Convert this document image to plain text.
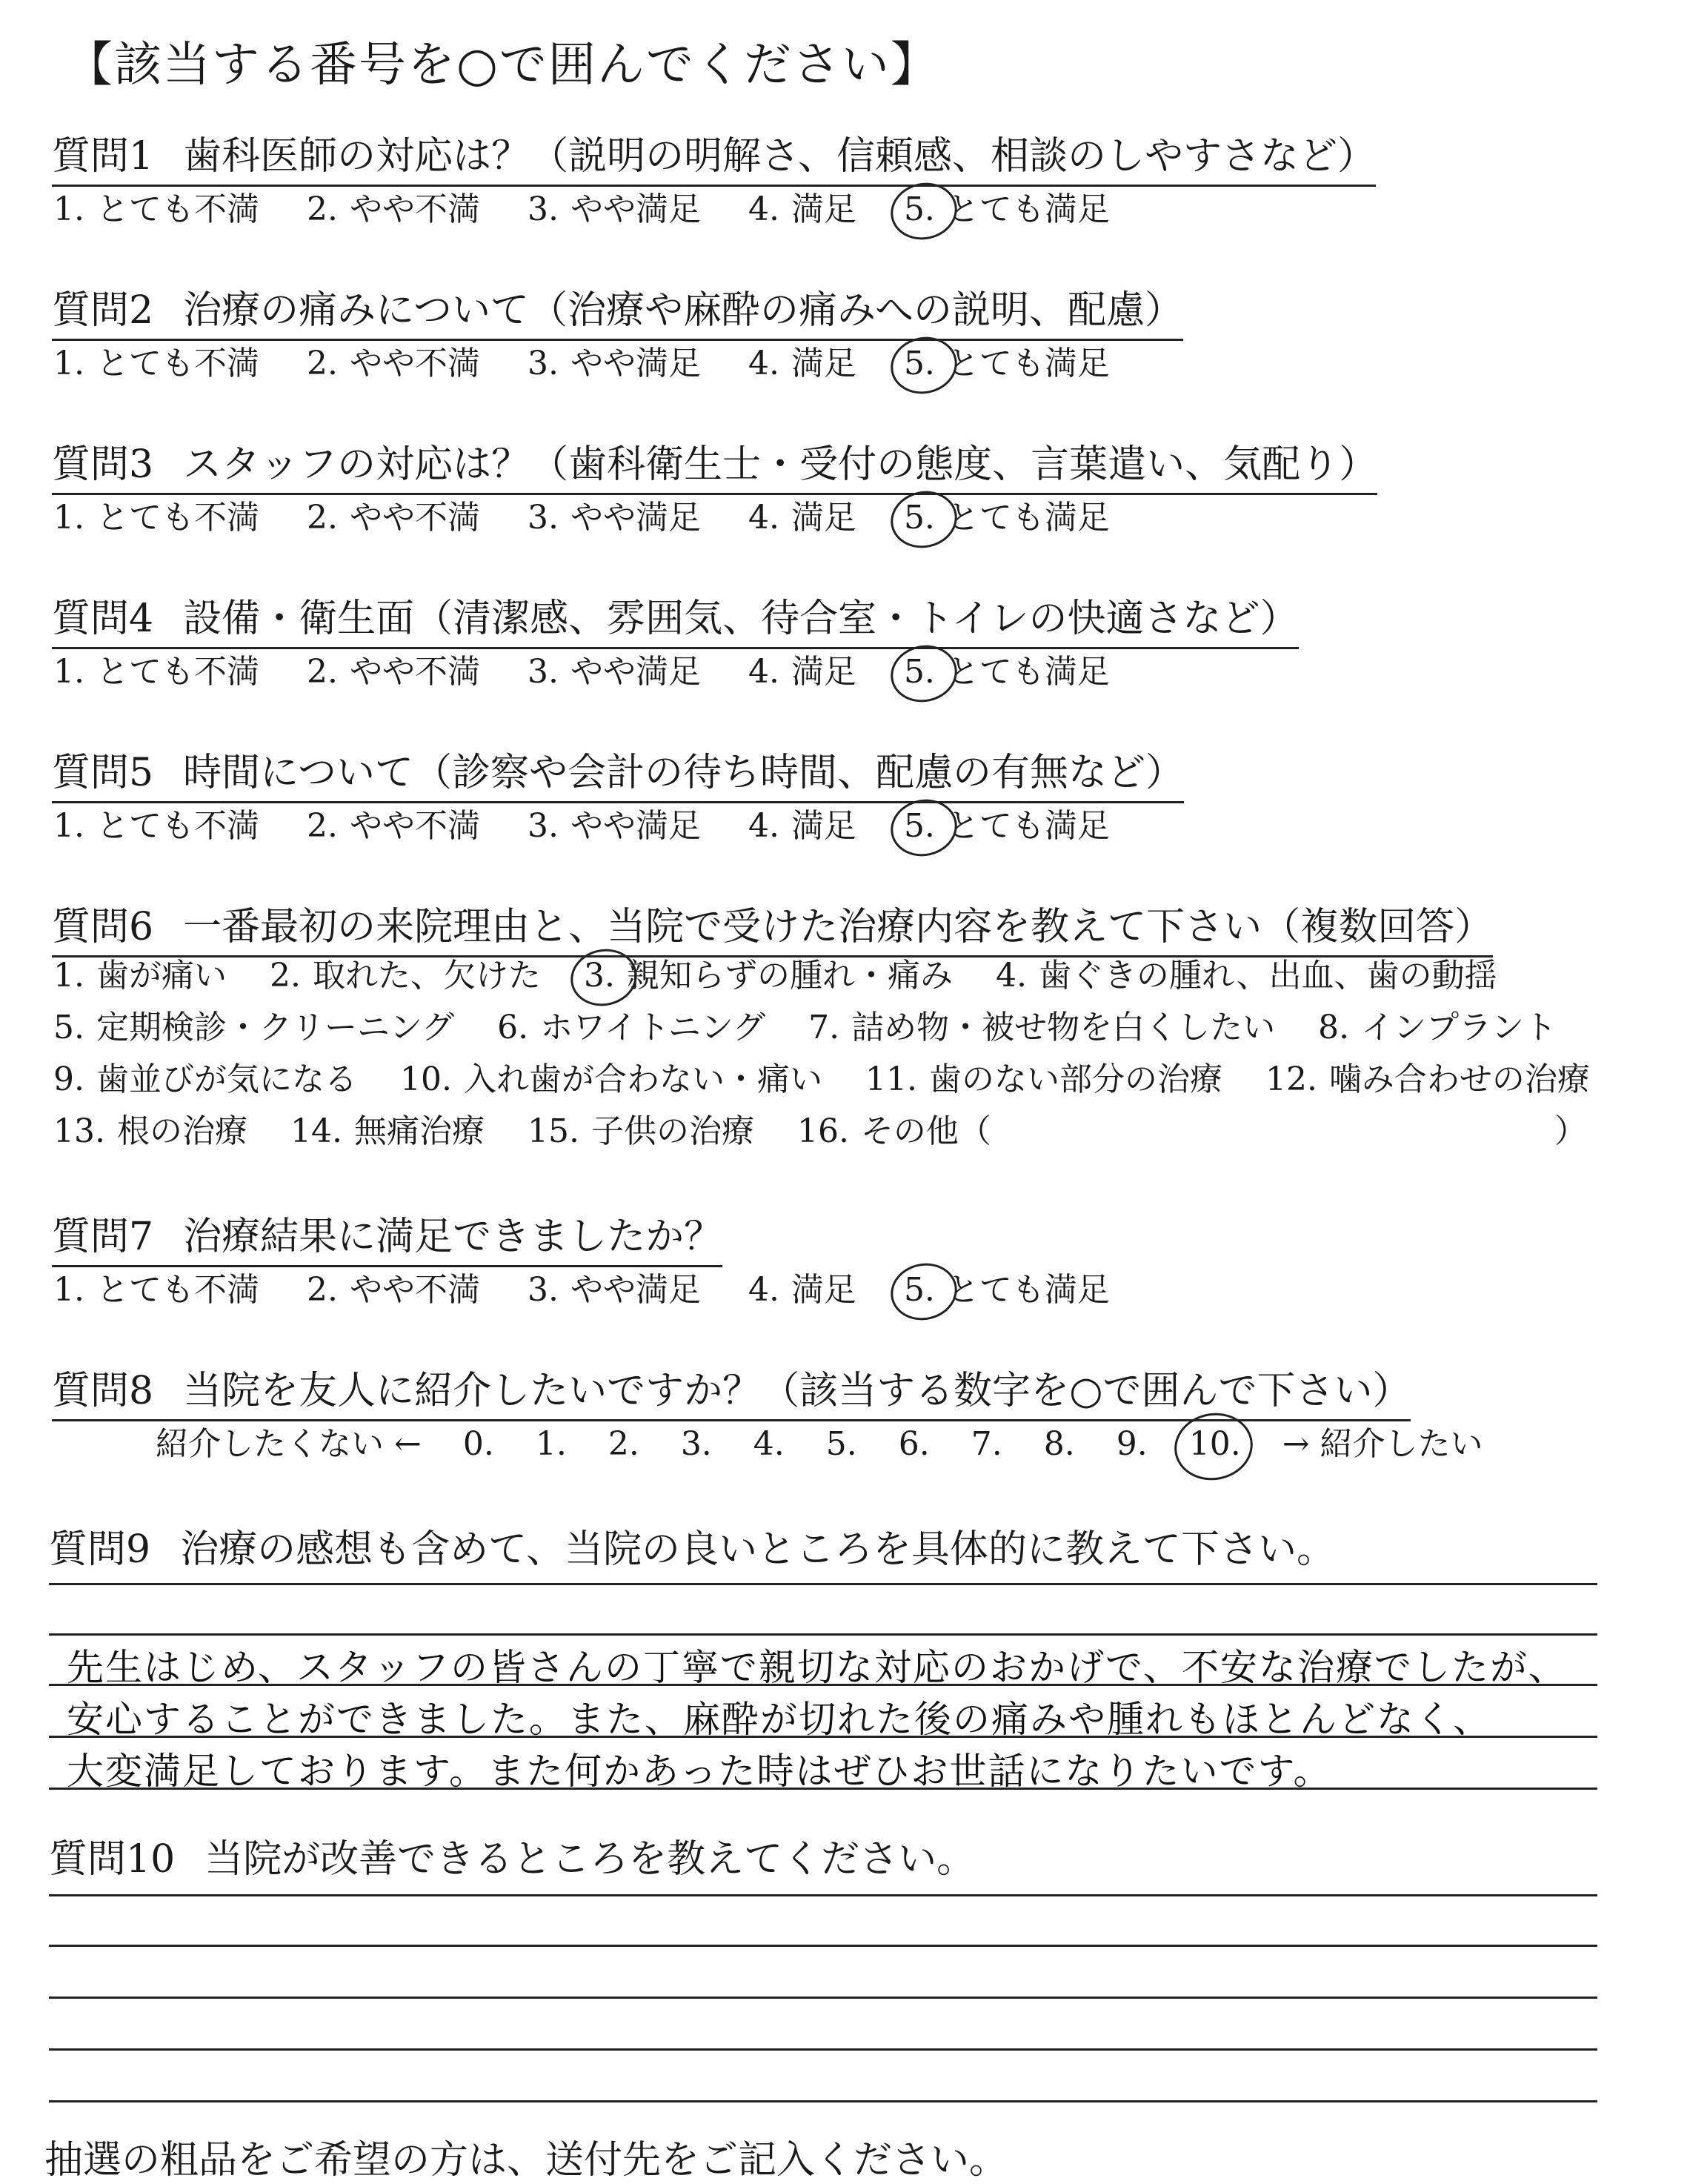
【該当する番号を○で囲んでください】
質問1 歯科医師の対応は？（説明の明解さ、信頼感、相談のしやすさなど）
1. とても不満 2. やや不満 3. やや満足 4. 満足 5. とても満足
質問2 治療の痛みについて（治療や麻酔の痛みへの説明、配慮）
1. とても不満 2. やや不満 3. やや満足 4. 満足 5. とても満足
質問3 スタッフの対応は？（歯科衛生士・受付の態度、言葉遣い、気配り）
1. とても不満 2. やや不満 3. やや満足 4. 満足 5. とても満足
質問4 設備・衛生面（清潔感、雰囲気、待合室・トイレの快適さなど）
1. とても不満 2. やや不満 3. やや満足 4. 満足 5. とても満足
質問5 時間について（診察や会計の待ち時間、配慮の有無など）
1. とても不満 2. やや不満 3. やや満足 4. 満足 5. とても満足
質問6 一番最初の来院理由と、当院で受けた治療内容を教えて下さい（複数回答）
1. 歯が痛い 2. 取れた、欠けた 3. 親知らずの腫れ・痛み 4. 歯ぐきの腫れ、出血、歯の動揺
5. 定期検診・クリーニング 6. ホワイトニング 7. 詰め物・被せ物を白くしたい 8. インプラント
9. 歯並びが気になる 10. 入れ歯が合わない・痛い 11. 歯のない部分の治療 12. 噛み合わせの治療
13. 根の治療 14. 無痛治療 15. 子供の治療 16. その他（	）
質問7 治療結果に満足できましたか？
1. とても不満 2. やや不満 3. やや満足 4. 満足 5. とても満足
質問8 当院を友人に紹介したいですか？（該当する数字を○で囲んで下さい）
紹介したくない ← 0. 1. 2. 3. 4. 5. 6. 7. 8. 9. 10. → 紹介したい
質問9 治療の感想も含めて、当院の良いところを具体的に教えて下さい。
先生はじめ、スタッフの皆さんの丁寧で親切な対応のおかげで、不安な治療でしたが、
安心することができました。また、麻酔が切れた後の痛みや腫れもほとんどなく、
大変満足しております。また何かあった時はぜひお世話になりたいです。
質問10 当院が改善できるところを教えてください。
抽選の粗品をご希望の方は、送付先をご記入ください。
